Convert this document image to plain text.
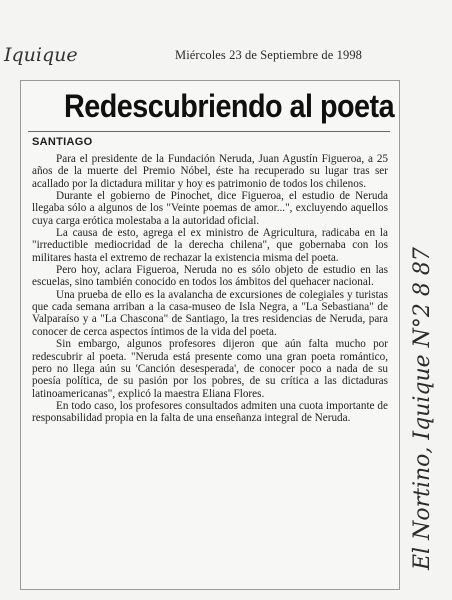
Iquique	Miércoles 23 de Septiembre de 1998
Redescubriendo al poeta
SANTIAGO

Para el presidente de la Fundación Neruda, Juan Agustín Figueroa, a 25 años de la muerte del Premio Nóbel, éste ha recuperado su lugar tras ser acallado por la dictadura militar y hoy es patrimonio de todos los chilenos.

Durante el gobierno de Pinochet, dice Figueroa, el estudio de Neruda llegaba sólo a algunos de los "Veinte poemas de amor...", excluyendo aquellos cuya carga erótica molestaba a la autoridad oficial.

La causa de esto, agrega el ex ministro de Agricultura, radicaba en la "irreductible mediocridad de la derecha chilena", que gobernaba con los militares hasta el extremo de rechazar la existencia misma del poeta.

Pero hoy, aclara Figueroa, Neruda no es sólo objeto de estudio en las escuelas, sino también conocido en todos los ámbitos del quehacer nacional.

Una prueba de ello es la avalancha de excursiones de colegiales y turistas que cada semana arriban a la casa-museo de Isla Negra, a "La Sebastiana" de Valparaíso y a "La Chascona" de Santiago, la tres residencias de Neruda, para conocer de cerca aspectos íntimos de la vida del poeta.

Sin embargo, algunos profesores dijeron que aún falta mucho por redescubrir al poeta. "Neruda está presente como una gran poeta romántico, pero no llega aún su 'Canción desesperada', de conocer poco a nada de su poesía política, de su pasión por los pobres, de su crítica a las dictaduras latinoamericanas", explicó la maestra Eliana Flores.

En todo caso, los profesores consultados admiten una cuota importante de responsabilidad propia en la falta de una enseñanza integral de Neruda.	El Nortino, Iquique N°2 8 87
